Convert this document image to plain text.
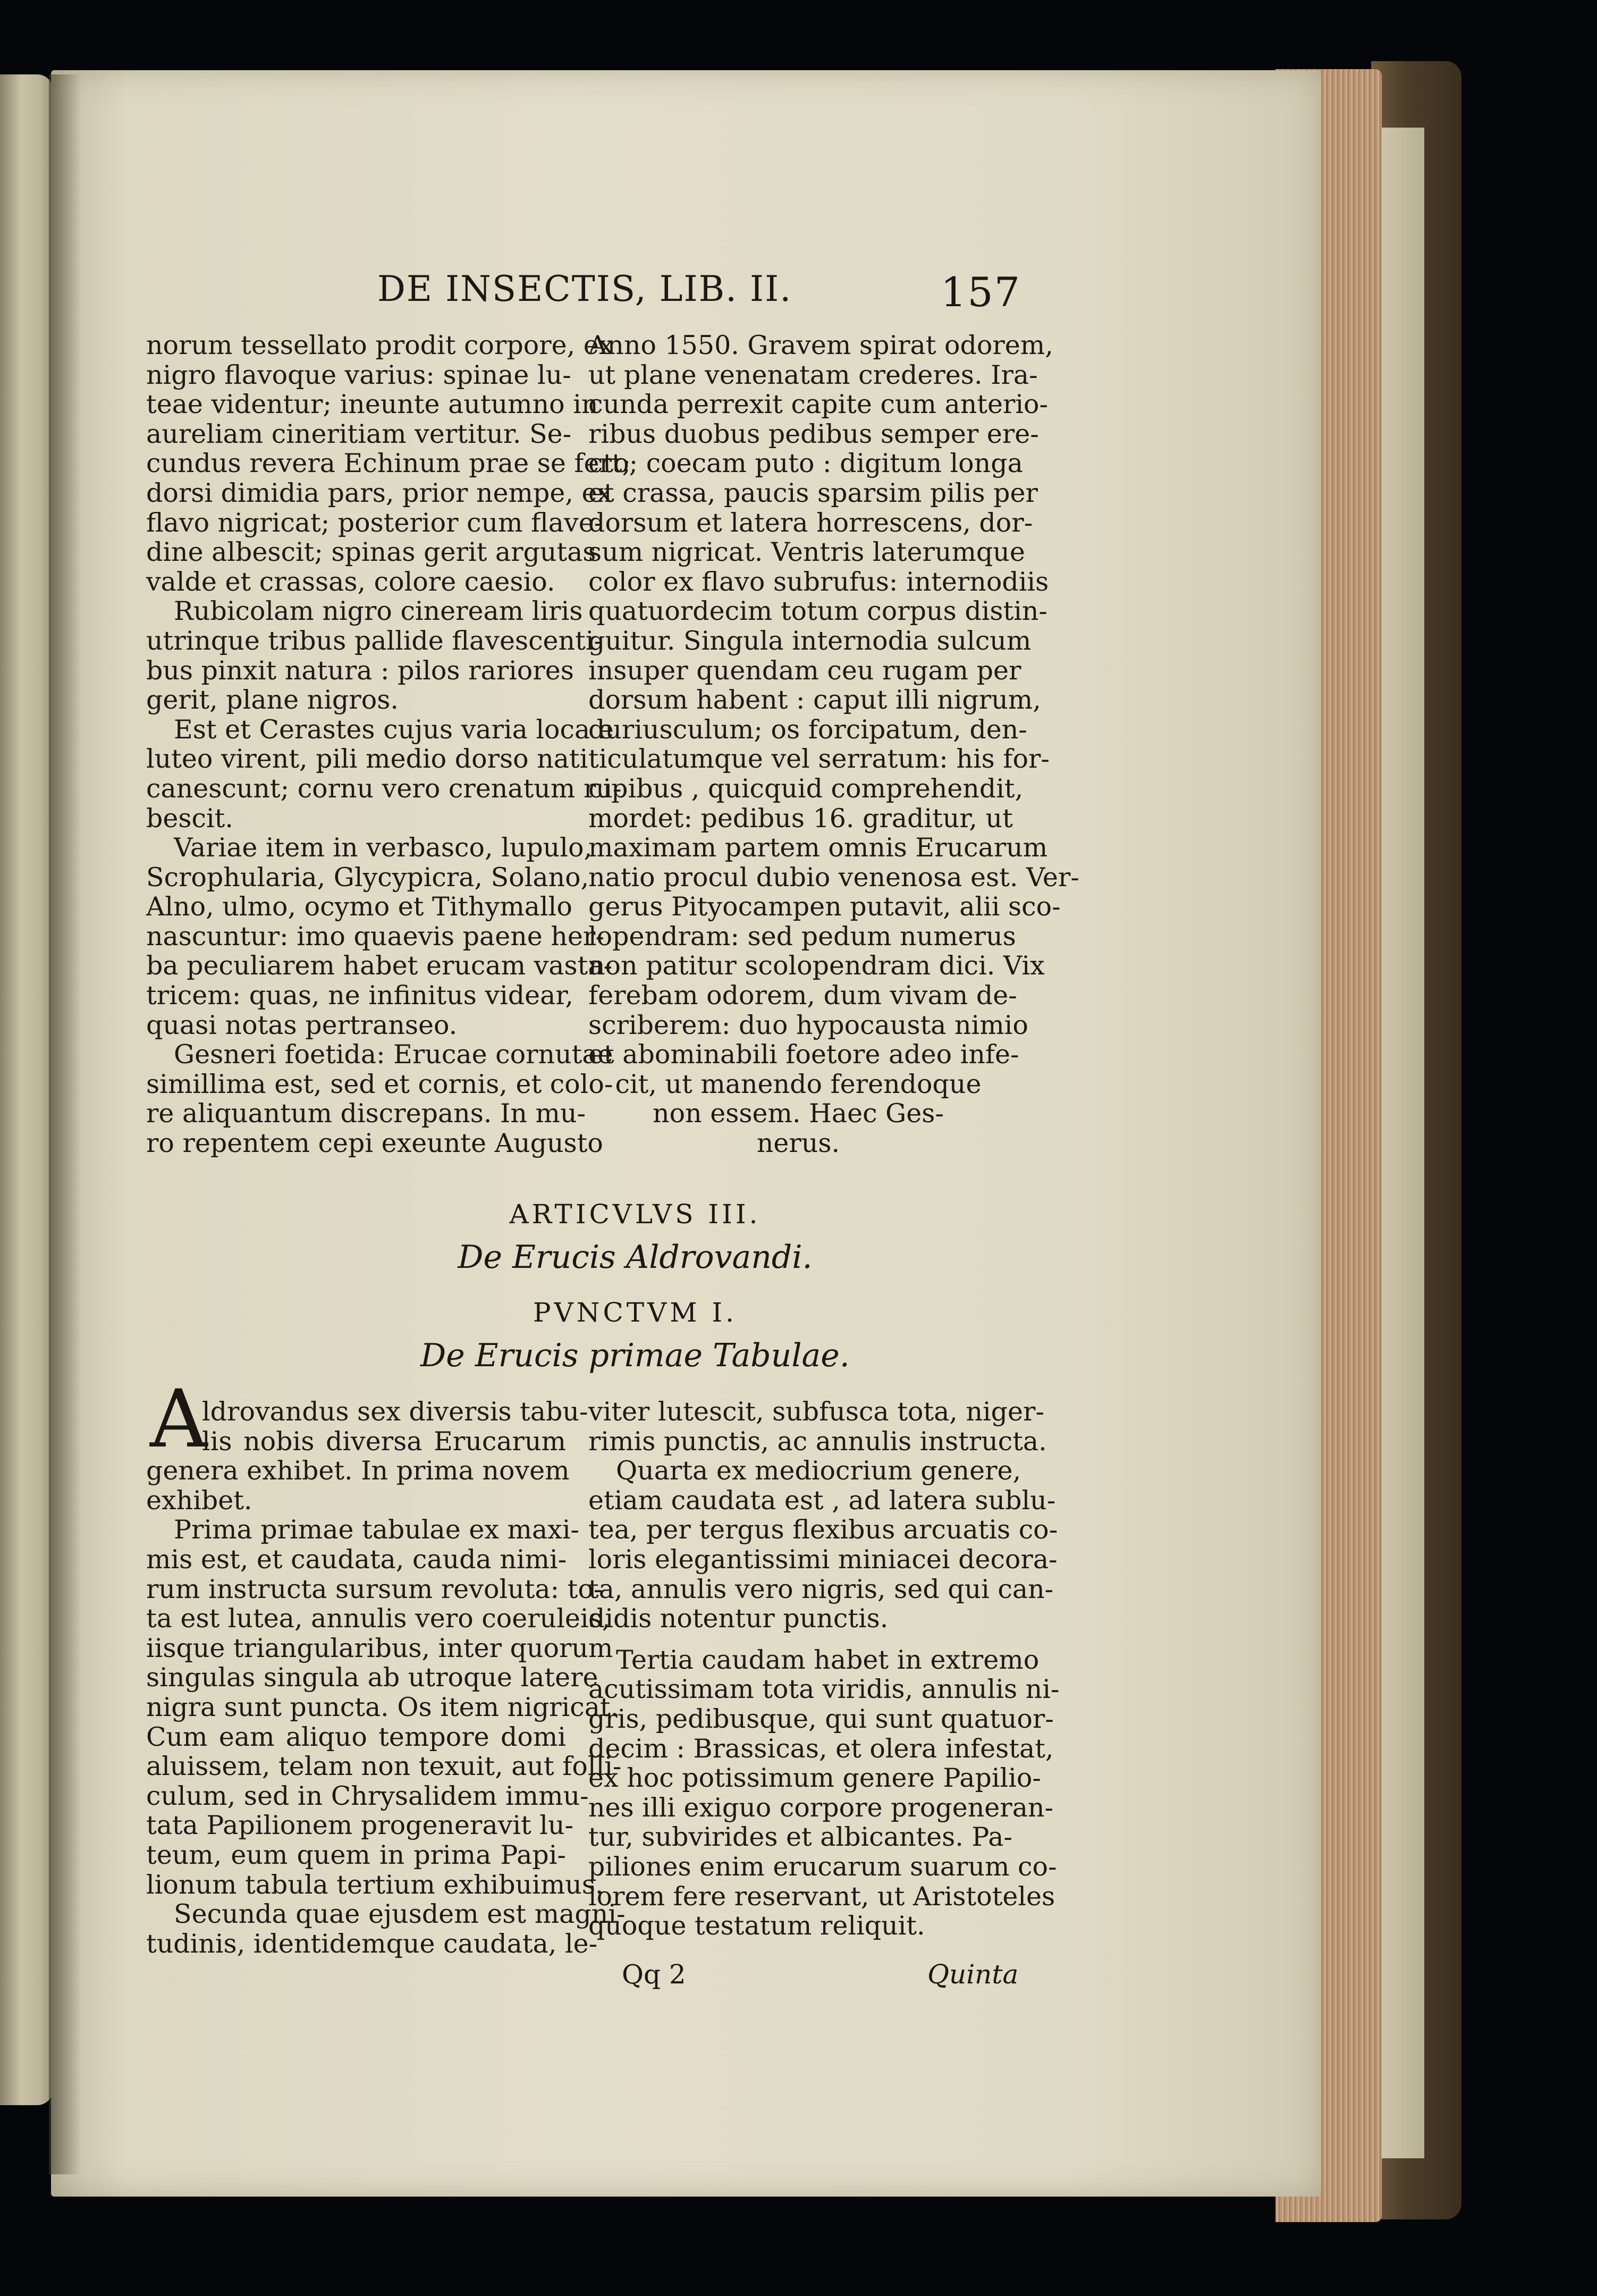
DE INSECTIS, LIB. II.	157
norum tessellato prodit corpore, ex
nigro flavoque varius: spinae lu-
teae videntur; ineunte autumno in
aureliam cineritiam vertitur. Se-
cundus revera Echinum prae se fert;
dorsi dimidia pars, prior nempe, ex
flavo nigricat; posterior cum flave-
dine albescit; spinas gerit argutas
valde et crassas, colore caesio.
Rubicolam nigro cineream liris
utrinque tribus pallide flavescenti-
bus pinxit natura : pilos rariores
gerit, plane nigros.
Est et Cerastes cujus varia loca e
luteo virent, pili medio dorso nati
canescunt; cornu vero crenatum ru-
bescit.
Variae item in verbasco, lupulo,
Scrophularia, Glycypicra, Solano,
Alno, ulmo, ocymo et Tithymallo
nascuntur: imo quaevis paene her-
ba peculiarem habet erucam vasta-
tricem: quas, ne infinitus videar,
quasi notas pertranseo.
Gesneri foetida: Erucae cornutae
simillima est, sed et cornis, et colo-
re aliquantum discrepans. In mu-
ro repentem cepi exeunte Augusto
Anno 1550. Gravem spirat odorem,
ut plane venenatam crederes. Ira-
cunda perrexit capite cum anterio-
ribus duobus pedibus semper ere-
cto; coecam puto : digitum longa
et crassa, paucis sparsim pilis per
dorsum et latera horrescens, dor-
sum nigricat. Ventris laterumque
color ex flavo subrufus: internodiis
quatuordecim totum corpus distin-
guitur. Singula internodia sulcum
insuper quendam ceu rugam per
dorsum habent : caput illi nigrum,
duriusculum; os forcipatum, den-
ticulatumque vel serratum: his for-
cipibus , quicquid comprehendit,
mordet: pedibus 16. graditur, ut
maximam partem omnis Erucarum
natio procul dubio venenosa est. Ver-
gerus Pityocampen putavit, alii sco-
lopendram: sed pedum numerus
non patitur scolopendram dici. Vix
ferebam odorem, dum vivam de-
scriberem: duo hypocausta nimio
et abominabili foetore adeo infe-
cit, ut manendo ferendoque
non essem. Haec Ges-
nerus.
ARTICVLVS III.
De Erucis Aldrovandi.
PVNCTVM I.
De Erucis primae Tabulae.
A
ldrovandus sex diversis tabu-
lis nobis diversa Erucarum
genera exhibet. In prima novem
exhibet.
Prima primae tabulae ex maxi-
mis est, et caudata, cauda nimi-
rum instructa sursum revoluta: to-
ta est lutea, annulis vero coeruleis,
iisque triangularibus, inter quorum
singulas singula ab utroque latere
nigra sunt puncta. Os item nigricat.
Cum eam aliquo tempore domi
aluissem, telam non texuit, aut folli-
culum, sed in Chrysalidem immu-
tata Papilionem progeneravit lu-
teum, eum quem in prima Papi-
lionum tabula tertium exhibuimus.
Secunda quae ejusdem est magni-
tudinis, identidemque caudata, le-
viter lutescit, subfusca tota, niger-
rimis punctis, ac annulis instructa.
Quarta ex mediocrium genere,
etiam caudata est , ad latera sublu-
tea, per tergus flexibus arcuatis co-
loris elegantissimi miniacei decora-
ta, annulis vero nigris, sed qui can-
didis notentur punctis.
Tertia caudam habet in extremo
acutissimam tota viridis, annulis ni-
gris, pedibusque, qui sunt quatuor-
decim : Brassicas, et olera infestat,
ex hoc potissimum genere Papilio-
nes illi exiguo corpore progeneran-
tur, subvirides et albicantes. Pa-
piliones enim erucarum suarum co-
lorem fere reservant, ut Aristoteles
quoque testatum reliquit.
Qq 2	Quinta
